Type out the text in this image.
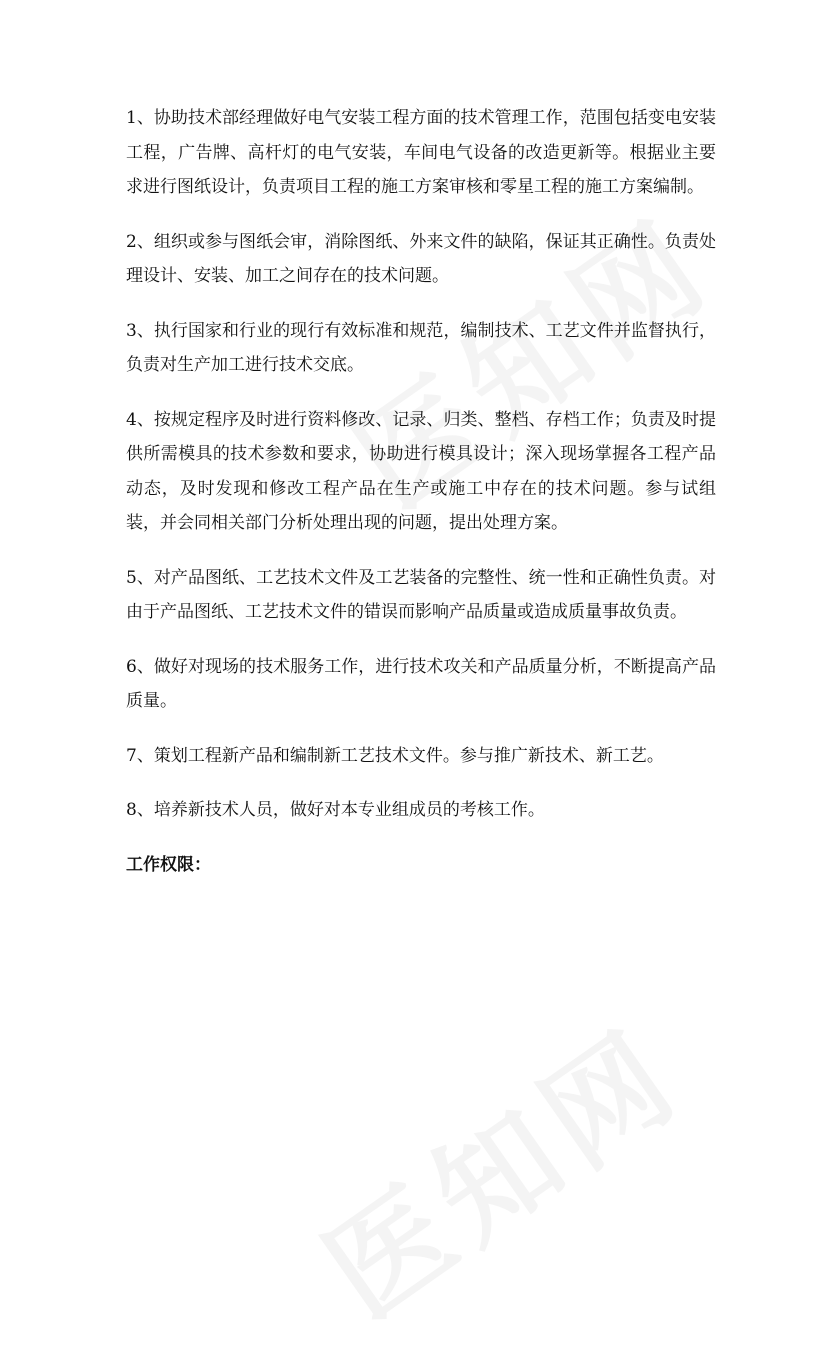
1、协助技术部经理做好电气安装工程方面的技术管理工作，范围包括变电安装工程，广告牌、高杆灯的电气安装，车间电气设备的改造更新等。根据业主要求进行图纸设计，负责项目工程的施工方案审核和零星工程的施工方案编制。

2、组织或参与图纸会审，消除图纸、外来文件的缺陷，保证其正确性。负责处理设计、安装、加工之间存在的技术问题。

3、执行国家和行业的现行有效标准和规范，编制技术、工艺文件并监督执行，负责对生产加工进行技术交底。

4、按规定程序及时进行资料修改、记录、归类、整档、存档工作；负责及时提供所需模具的技术参数和要求，协助进行模具设计；深入现场掌握各工程产品动态，及时发现和修改工程产品在生产或施工中存在的技术问题。参与试组装，并会同相关部门分析处理出现的问题，提出处理方案。

5、对产品图纸、工艺技术文件及工艺装备的完整性、统一性和正确性负责。对由于产品图纸、工艺技术文件的错误而影响产品质量或造成质量事故负责。

6、做好对现场的技术服务工作，进行技术攻关和产品质量分析，不断提高产品质量。

7、策划工程新产品和编制新工艺技术文件。参与推广新技术、新工艺。

8、培养新技术人员，做好对本专业组成员的考核工作。

工作权限：
